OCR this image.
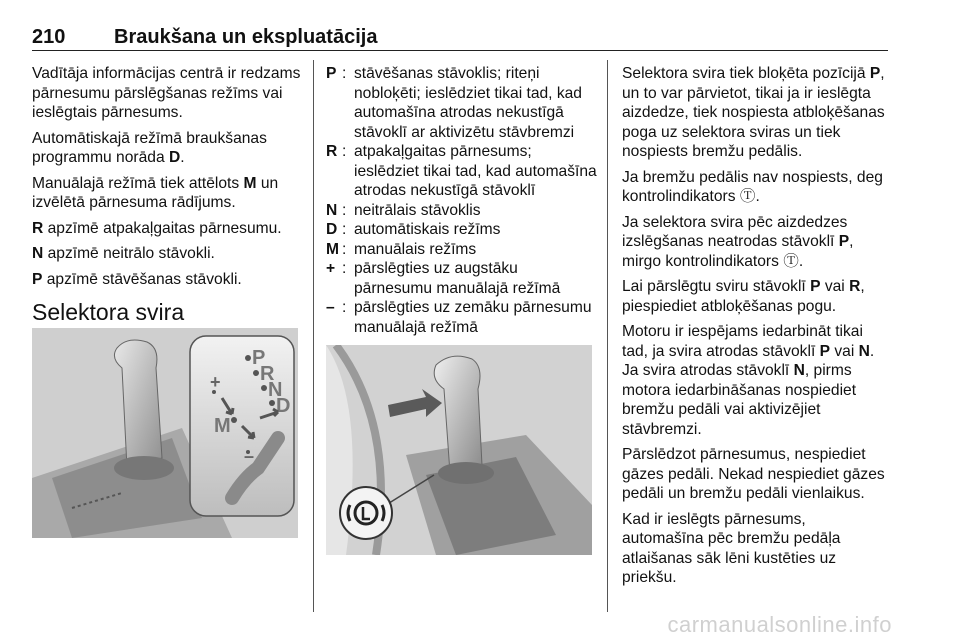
210 Braukšana un ekspluatācija

Vadītāja informācijas centrā ir redzams pārnesumu pārslēgšanas režīms vai ieslēgtais pārnesums.

Automātiskajā režīmā braukšanas programmu norāda D.

Manuālajā režīmā tiek attēlots M un izvēlētā pārnesuma rādījums.

R apzīmē atpakaļgaitas pārnesumu.

N apzīmē neitrālo stāvokli.

P apzīmē stāvēšanas stāvokli.

Selektora svira
P
R
N
D
M
+
–
P : stāvēšanas stāvoklis; riteņi nobloķēti; ieslēdziet tikai tad, kad automašīna atrodas nekustīgā stāvoklī ar aktivizētu stāvbremzi
R : atpakaļgaitas pārnesums; ieslēdziet tikai tad, kad automašīna atrodas nekustīgā stāvoklī
N : neitrālais stāvoklis
D : automātiskais režīms
M : manuālais režīms
+ : pārslēgties uz augstāku pārnesumu manuālajā režīmā
– : pārslēgties uz zemāku pārnesumu manuālajā režīmā

Selektora svira tiek bloķēta pozīcijā P, un to var pārvietot, tikai ja ir ieslēgta aizdedze, tiek nospiesta atbloķēšanas poga uz selektora sviras un tiek nospiests bremžu pedālis.

Ja bremžu pedālis nav nospiests, deg kontrolindikators Ⓣ.

Ja selektora svira pēc aizdedzes izslēgšanas neatrodas stāvoklī P, mirgo kontrolindikators Ⓣ.

Lai pārslēgtu sviru stāvoklī P vai R, piespiediet atbloķēšanas pogu.

Motoru ir iespējams iedarbināt tikai tad, ja svira atrodas stāvoklī P vai N. Ja svira atrodas stāvoklī N, pirms motora iedarbināšanas nospiediet bremžu pedāli vai aktivizējiet stāvbremzi.

Pārslēdzot pārnesumus, nespiediet gāzes pedāli. Nekad nespiediet gāzes pedāli un bremžu pedāli vienlaikus.

Kad ir ieslēgts pārnesums, automašīna pēc bremžu pedāļa atlaišanas sāk lēni kustēties uz priekšu.

carmanualsonline.info
